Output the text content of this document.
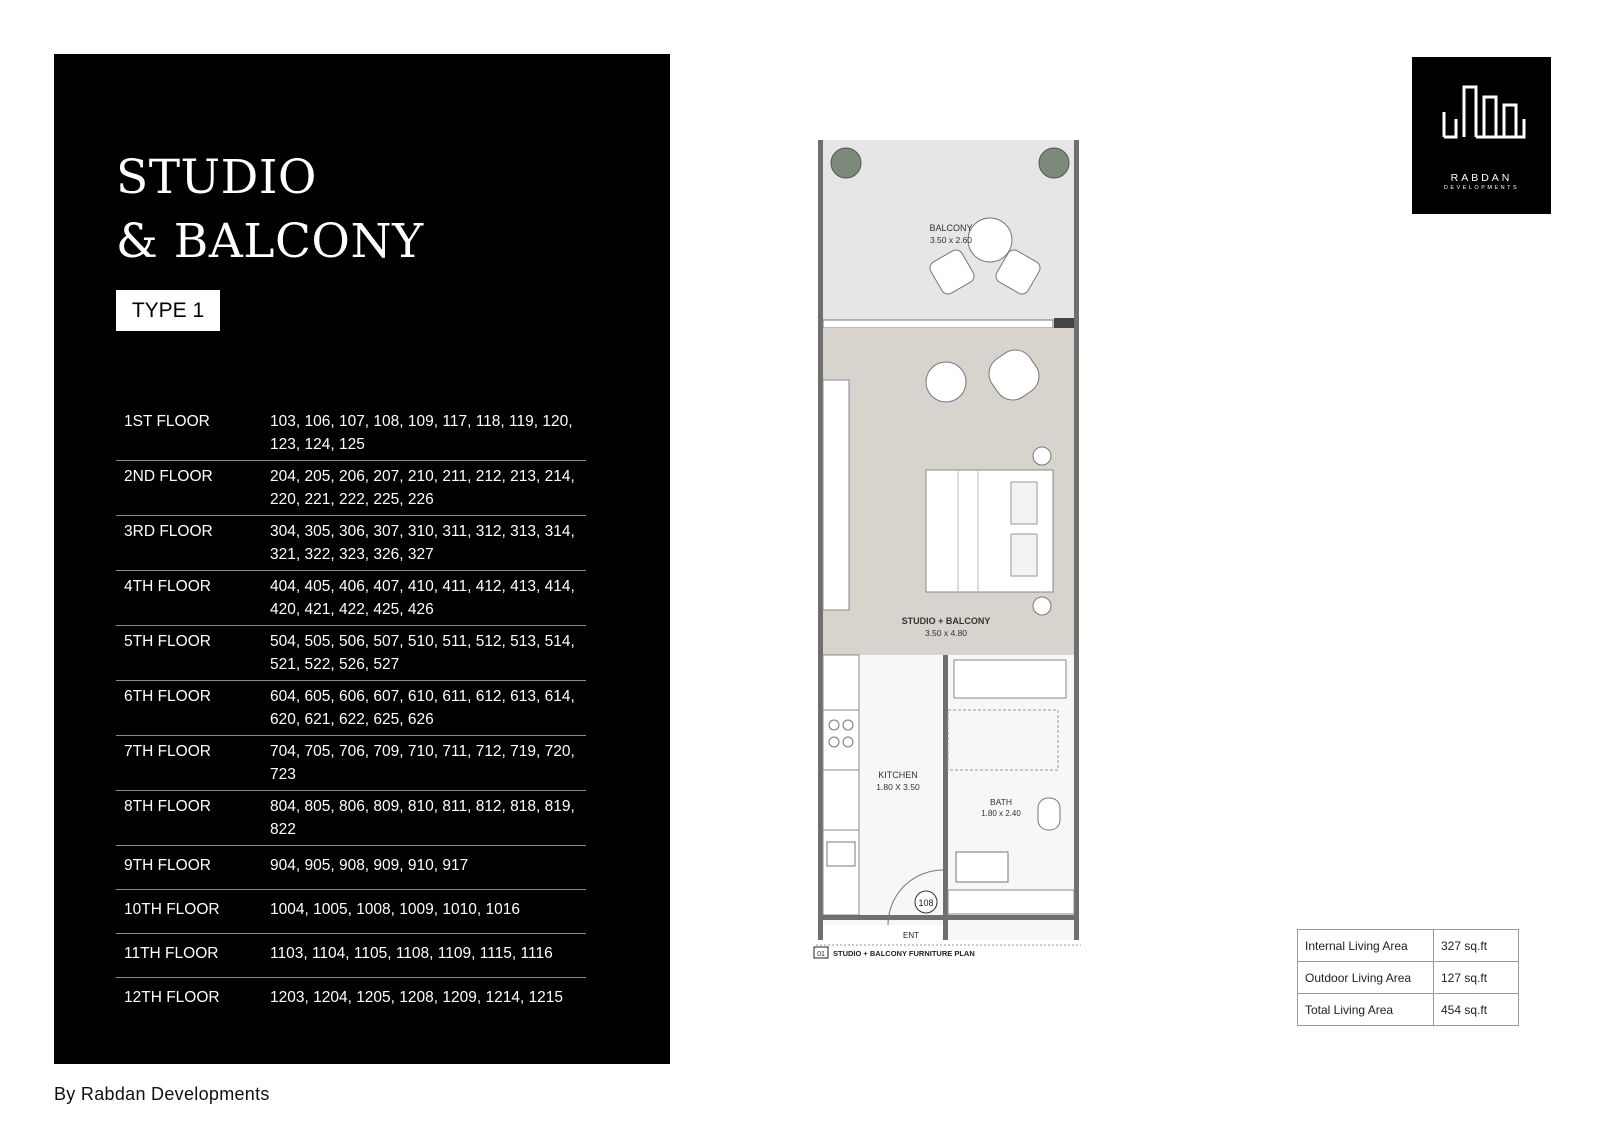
STUDIO
& BALCONY
TYPE 1
1ST FLOOR	103, 106, 107, 108, 109, 117, 118, 119, 120, 123, 124, 125
2ND FLOOR	204, 205, 206, 207, 210, 211, 212, 213, 214, 220, 221, 222, 225, 226
3RD FLOOR	304, 305, 306, 307, 310, 311, 312, 313, 314, 321, 322, 323, 326, 327
4TH FLOOR	404, 405, 406, 407, 410, 411, 412, 413, 414, 420, 421, 422, 425, 426
5TH FLOOR	504, 505, 506, 507, 510, 511, 512, 513, 514, 521, 522, 526, 527
6TH FLOOR	604, 605, 606, 607, 610, 611, 612, 613, 614, 620, 621, 622, 625, 626
7TH FLOOR	704, 705, 706, 709, 710, 711, 712, 719, 720, 723
8TH FLOOR	804, 805, 806, 809, 810, 811, 812, 818, 819, 822
9TH FLOOR	904, 905, 908, 909, 910, 917
10TH FLOOR	1004, 1005, 1008, 1009, 1010, 1016
11TH FLOOR	1103, 1104, 1105, 1108, 1109, 1115, 1116
12TH FLOOR	1203, 1204, 1205, 1208, 1209, 1214, 1215
By Rabdan Developments
BALCONY
3.50 x 2.60
STUDIO + BALCONY
3.50 x 4.80
KITCHEN
1.80 X 3.50
108
BATH
1.80 x 2.40
ENT
01 STUDIO + BALCONY FURNITURE PLAN
RABDAN
DEVELOPMENTS
Internal Living Area	327 sq.ft
Outdoor Living Area	127 sq.ft
Total Living Area	454 sq.ft
